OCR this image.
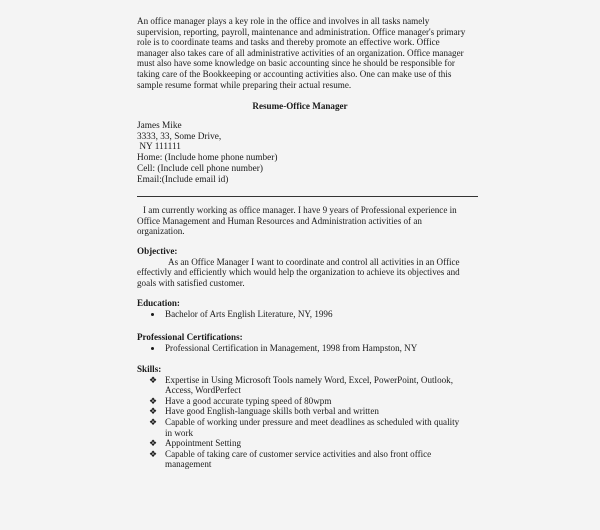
An office manager plays a key role in the office and involves in all tasks namely supervision, reporting, payroll, maintenance and administration. Office manager's primary role is to coordinate teams and tasks and thereby promote an effective work. Office manager also takes care of all administrative activities of an organization. Office manager must also have some knowledge on basic accounting since he should be responsible for taking care of the Bookkeeping or accounting activities also. One can make use of this sample resume format while preparing their actual resume.
Resume-Office Manager
James Mike
3333, 33, Some Drive,
NY 111111
Home: (Include home phone number)
Cell: (Include cell phone number)
Email:(Include email id)
I am currently working as office manager. I have 9 years of Professional experience in Office Management and Human Resources and Administration activities of an organization.
Objective:
As an Office Manager I want to coordinate and control all activities in an Office effectivly and efficiently which would help the organization to achieve its objectives and goals with satisfied customer.
Education:
Bachelor of Arts English Literature, NY, 1996
Professional Certifications:
Professional Certification in Management, 1998 from Hampston, NY
Skills:
❖ Expertise in Using Microsoft Tools namely Word, Excel, PowerPoint, Outlook, Access, WordPerfect
❖ Have a good accurate typing speed of 80wpm
❖ Have good English-language skills both verbal and written
❖ Capable of working under pressure and meet deadlines as scheduled with quality in work
❖ Appointment Setting
❖ Capable of taking care of customer service activities and also front office management
